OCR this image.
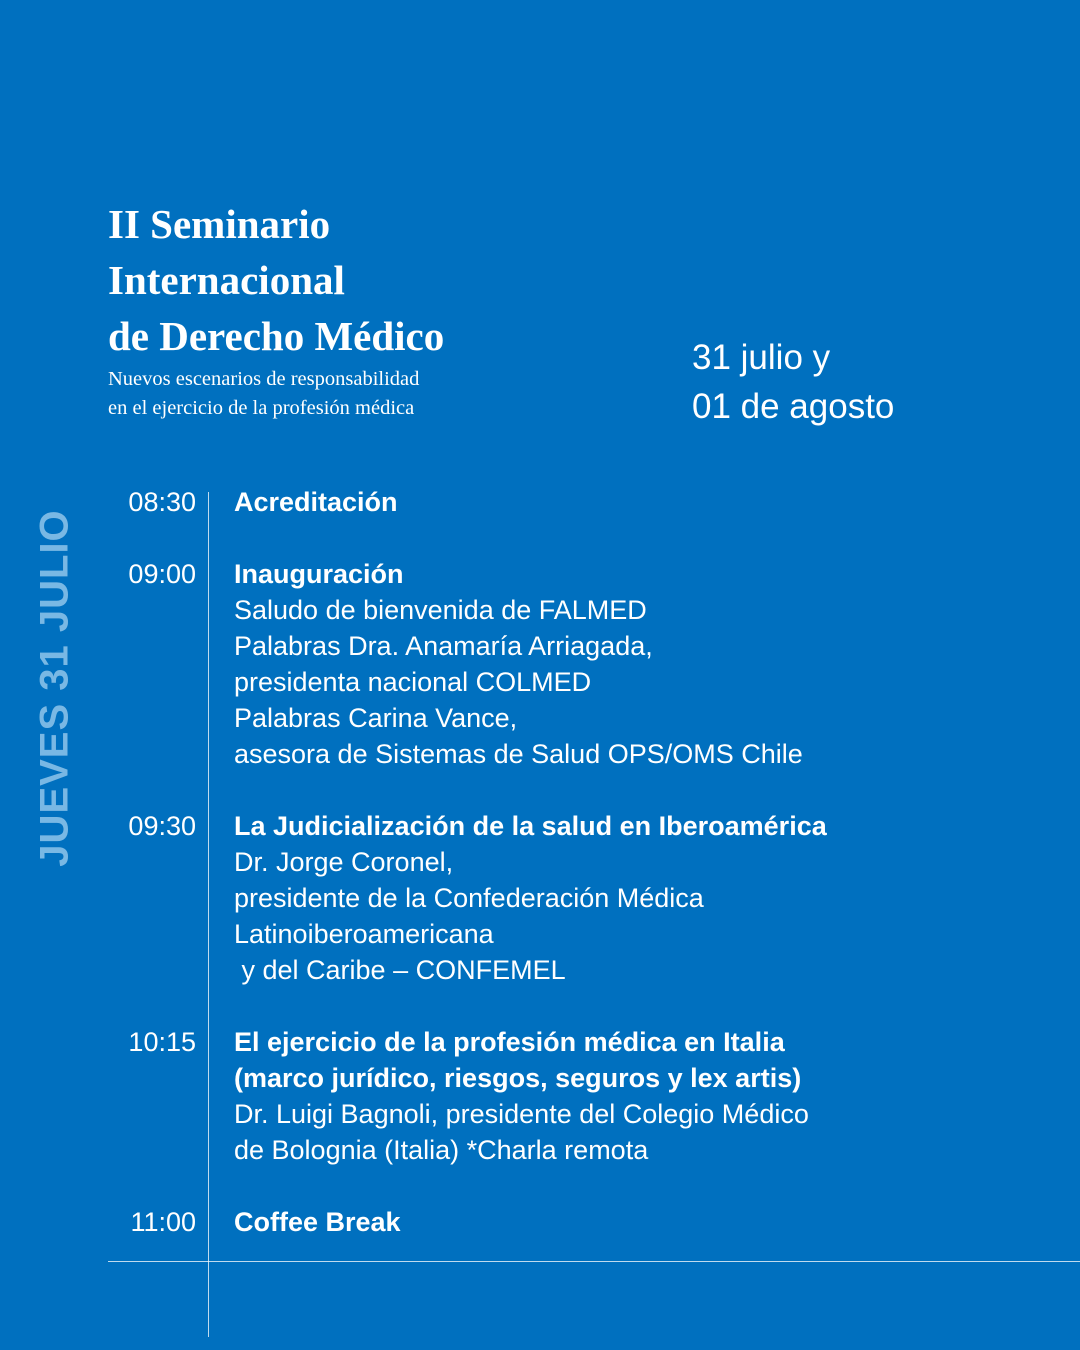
II Seminario
Internacional
de Derecho Médico
Nuevos escenarios de responsabilidad
en el ejercicio de la profesión médica
31 julio y
01 de agosto
JUEVES 31 JULIO
08:30 Acreditación
09:00 Inauguración
Saludo de bienvenida de FALMED
Palabras Dra. Anamaría Arriagada,
presidenta nacional COLMED
Palabras Carina Vance,
asesora de Sistemas de Salud OPS/OMS Chile
09:30 La Judicialización de la salud en Iberoamérica
Dr. Jorge Coronel,
presidente de la Confederación Médica
Latinoiberoamericana
y del Caribe – CONFEMEL
10:15 El ejercicio de la profesión médica en Italia
(marco jurídico, riesgos, seguros y lex artis)
Dr. Luigi Bagnoli, presidente del Colegio Médico
de Bolognia (Italia) *Charla remota
11:00 Coffee Break
